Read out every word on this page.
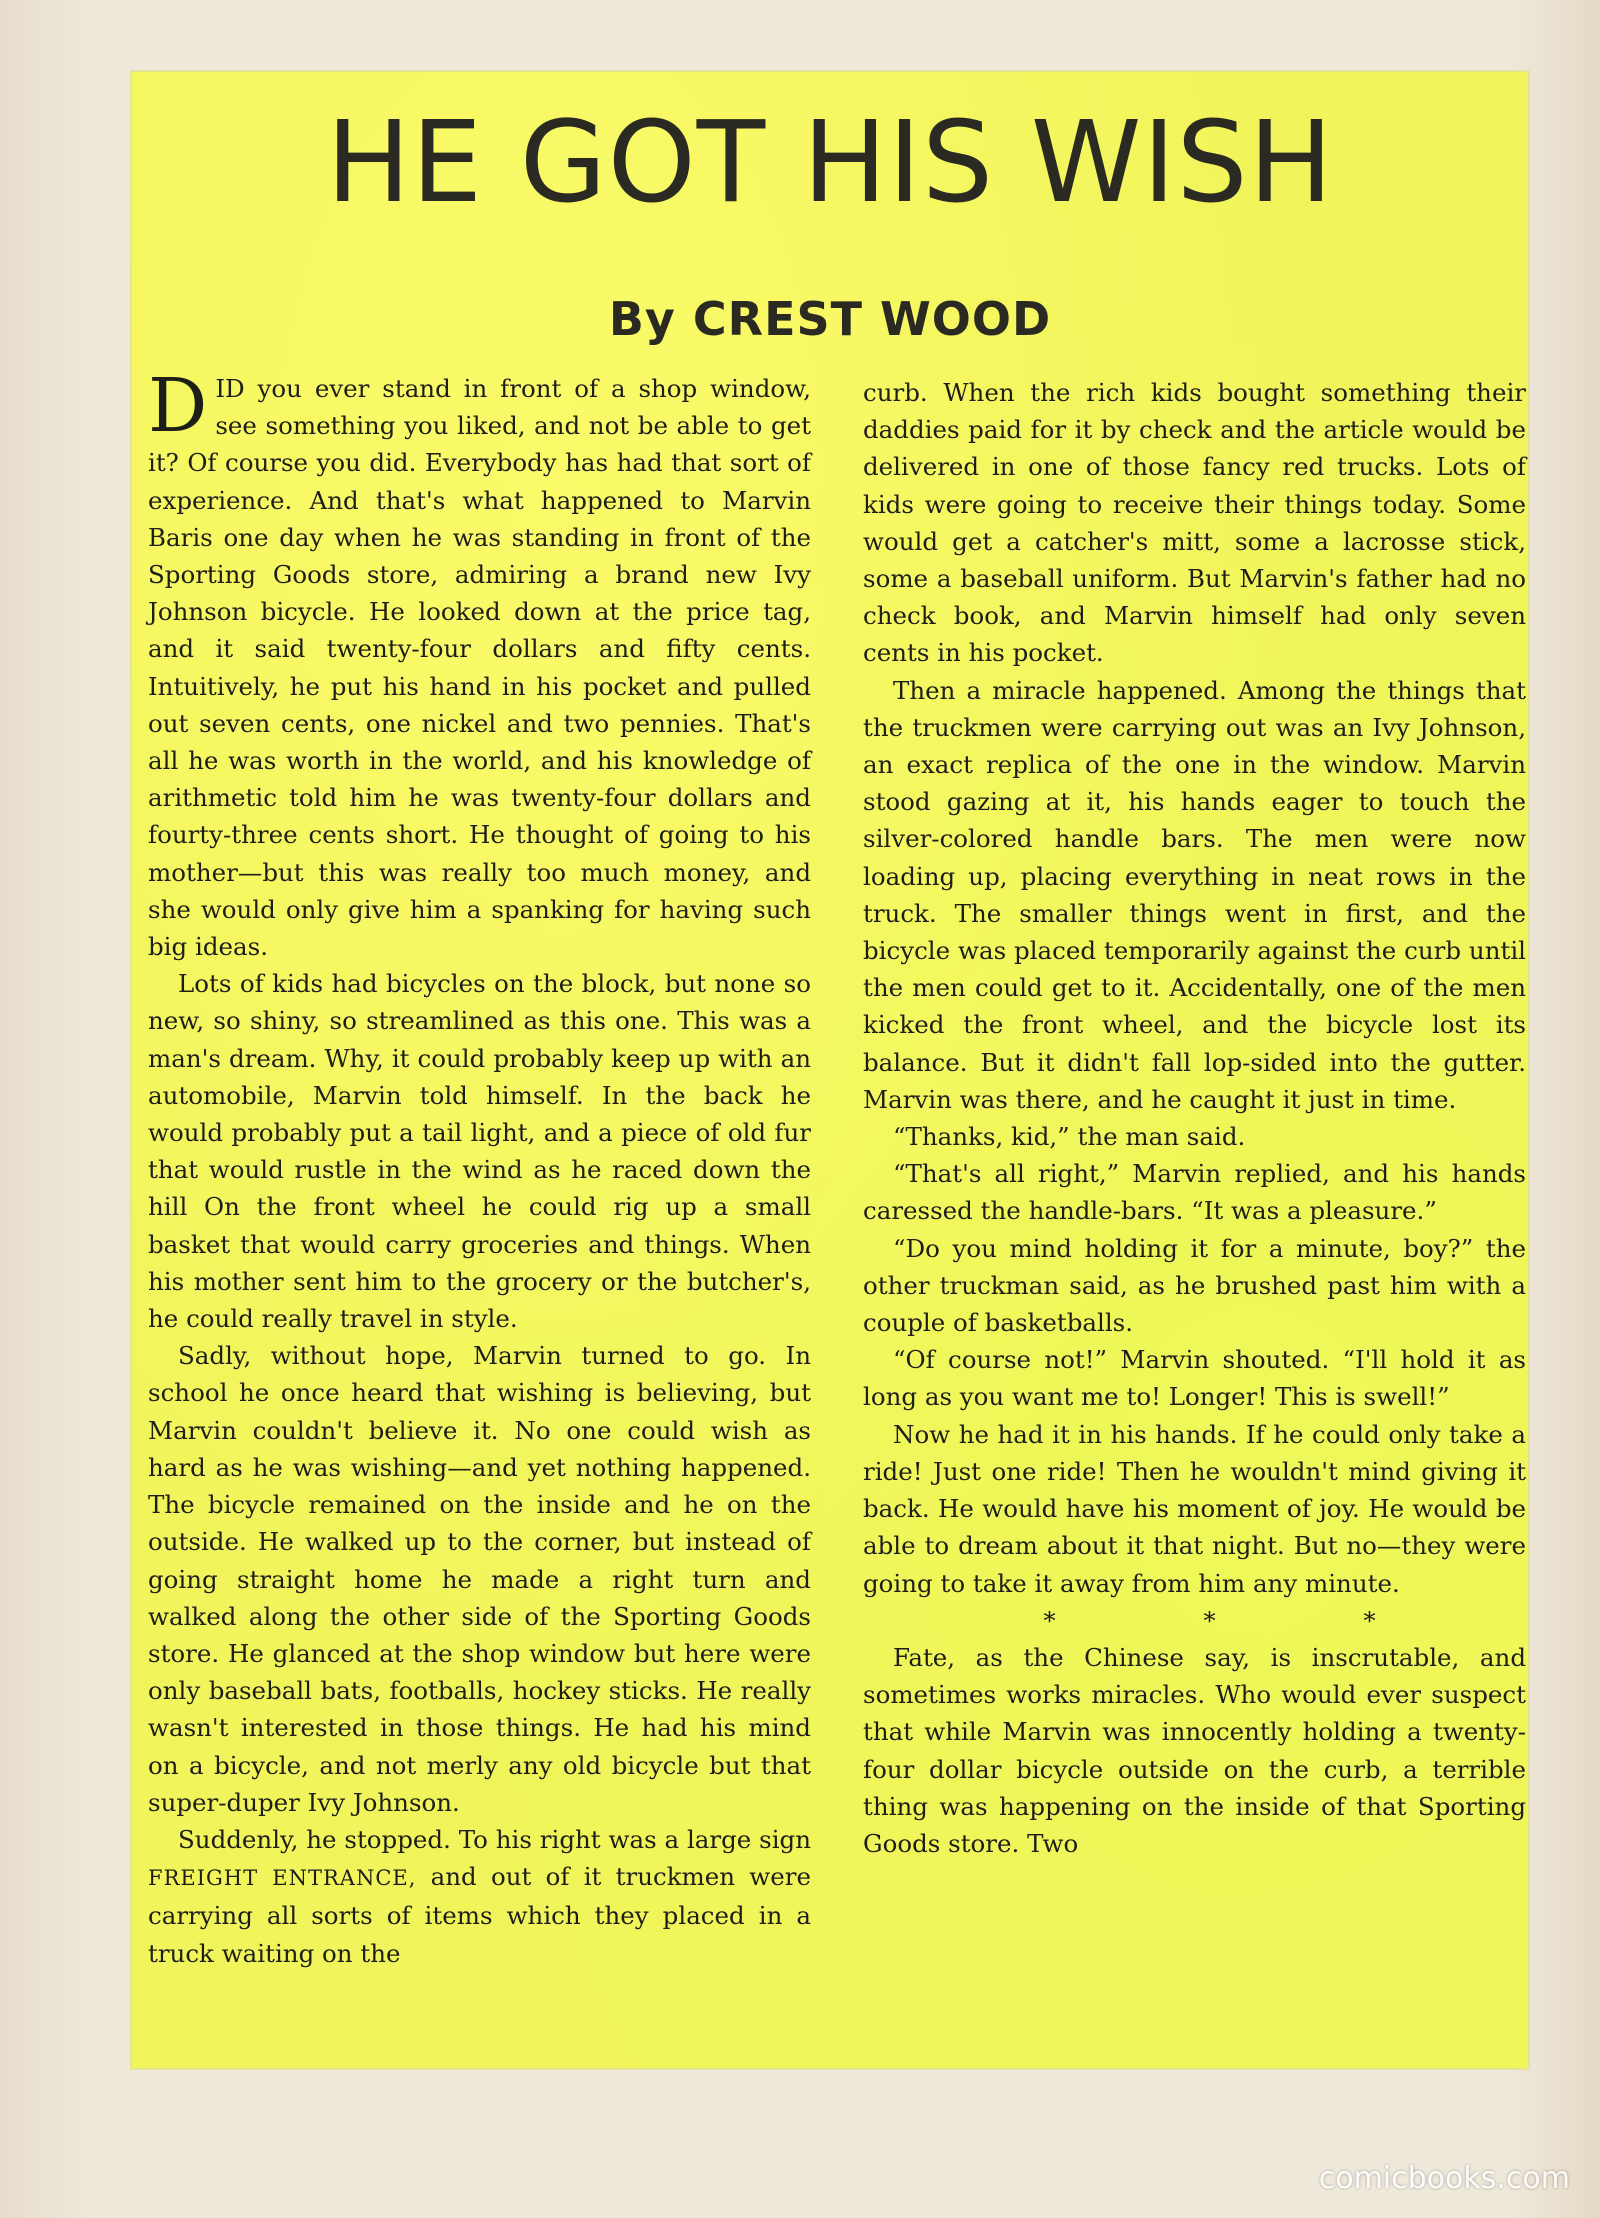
HE GOT HIS WISH
By CREST WOOD

DID you ever stand in front of a shop window, see something you liked, and not be able to get it? Of course you did. Everybody has had that sort of experience. And that's what happened to Marvin Baris one day when he was standing in front of the Sporting Goods store, admiring a brand new Ivy Johnson bicycle. He looked down at the price tag, and it said twenty-four dollars and fifty cents. Intuitively, he put his hand in his pocket and pulled out seven cents, one nickel and two pennies. That's all he was worth in the world, and his knowledge of arithmetic told him he was twenty-four dollars and fourty-three cents short. He thought of going to his mother—but this was really too much money, and she would only give him a spanking for having such big ideas.

Lots of kids had bicycles on the block, but none so new, so shiny, so streamlined as this one. This was a man's dream. Why, it could probably keep up with an automobile, Marvin told himself. In the back he would probably put a tail light, and a piece of old fur that would rustle in the wind as he raced down the hill On the front wheel he could rig up a small basket that would carry groceries and things. When his mother sent him to the grocery or the butcher's, he could really travel in style.

Sadly, without hope, Marvin turned to go. In school he once heard that wishing is believing, but Marvin couldn't believe it. No one could wish as hard as he was wishing—and yet nothing happened. The bicycle remained on the inside and he on the outside. He walked up to the corner, but instead of going straight home he made a right turn and walked along the other side of the Sporting Goods store. He glanced at the shop window but here were only baseball bats, footballs, hockey sticks. He really wasn't interested in those things. He had his mind on a bicycle, and not merly any old bicycle but that super-duper Ivy Johnson.

Suddenly, he stopped. To his right was a large sign FREIGHT ENTRANCE, and out of it truckmen were carrying all sorts of items which they placed in a truck waiting on the

curb. When the rich kids bought something their daddies paid for it by check and the article would be delivered in one of those fancy red trucks. Lots of kids were going to receive their things today. Some would get a catcher's mitt, some a lacrosse stick, some a baseball uniform. But Marvin's father had no check book, and Marvin himself had only seven cents in his pocket.

Then a miracle happened. Among the things that the truckmen were carrying out was an Ivy Johnson, an exact replica of the one in the window. Marvin stood gazing at it, his hands eager to touch the silver-colored handle bars. The men were now loading up, placing everything in neat rows in the truck. The smaller things went in first, and the bicycle was placed temporarily against the curb until the men could get to it. Accidentally, one of the men kicked the front wheel, and the bicycle lost its balance. But it didn't fall lop-sided into the gutter. Marvin was there, and he caught it just in time.

“Thanks, kid,” the man said.

“That's all right,” Marvin replied, and his hands caressed the handle-bars. “It was a pleasure.”

“Do you mind holding it for a minute, boy?” the other truckman said, as he brushed past him with a couple of basketballs.

“Of course not!” Marvin shouted. “I'll hold it as long as you want me to! Longer! This is swell!”

Now he had it in his hands. If he could only take a ride! Just one ride! Then he wouldn't mind giving it back. He would have his moment of joy. He would be able to dream about it that night. But no—they were going to take it away from him any minute.

* * *

Fate, as the Chinese say, is inscrutable, and sometimes works miracles. Who would ever suspect that while Marvin was innocently holding a twenty-four dollar bicycle outside on the curb, a terrible thing was happening on the inside of that Sporting Goods store. Two

comicbooks.com
